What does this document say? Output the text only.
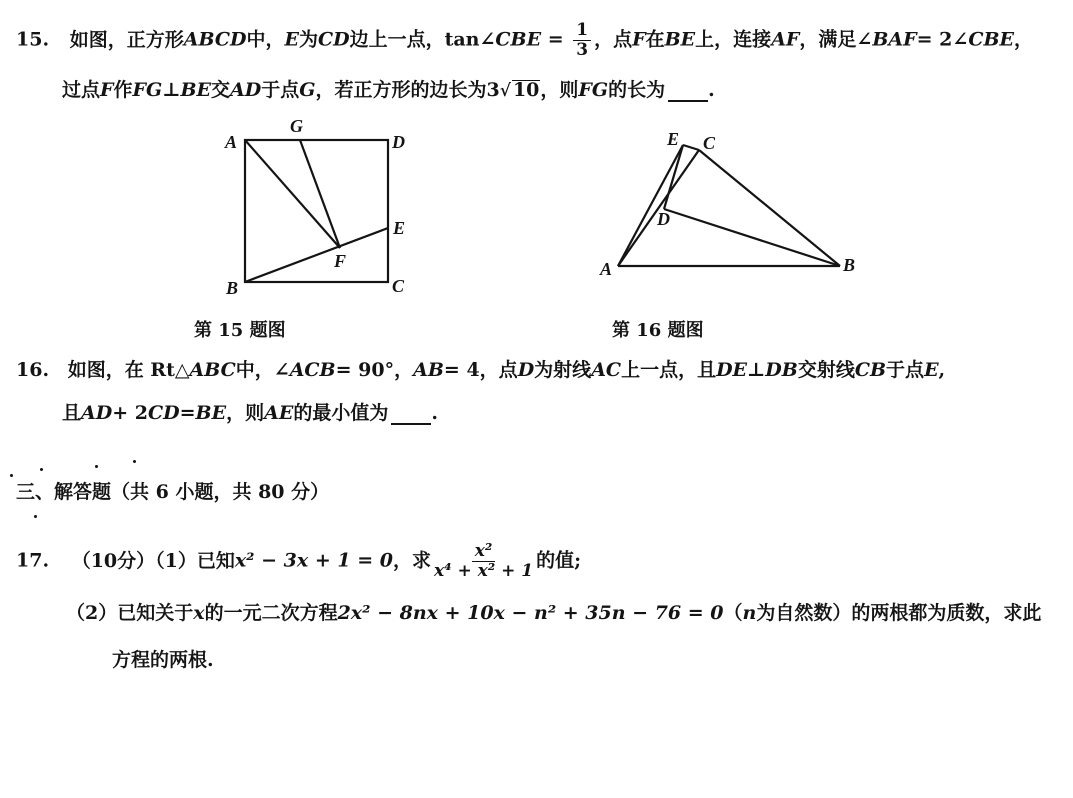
15. 如图，正方形ABCD中，E为CD边上一点，tan∠CBE = $\frac{1}{3}$ ，点F在BE上，连接AF，满足∠BAF= 2∠CBE，
过点F作FG⊥BE交AD于点G，若正方形的边长为3√ 10，则FG的长为 .
A
G
D
E
F
B	C
第 15 题图
E C
D
A	B
第 16 题图
16. 如图，在 Rt△ABC中，∠ACB= 90°，AB= 4，点D为射线AC上一点，且DE⊥DB交射线CB于点E,
且AD+ 2CD=BE，则AE的最小值为 .
三、解答题（共 6 小题，共 80 分）
17. （10分）（1）已知x² − 3x + 1 = 0，求 $\frac{\text{x²}}{\text{x⁴ + x² + 1}}$ 的值;
（2）已知关于x的一元二次方程2x² − 8nx + 10x − n² + 35n − 76 = 0（n为自然数）的两根都为质数，求此
方程的两根.
